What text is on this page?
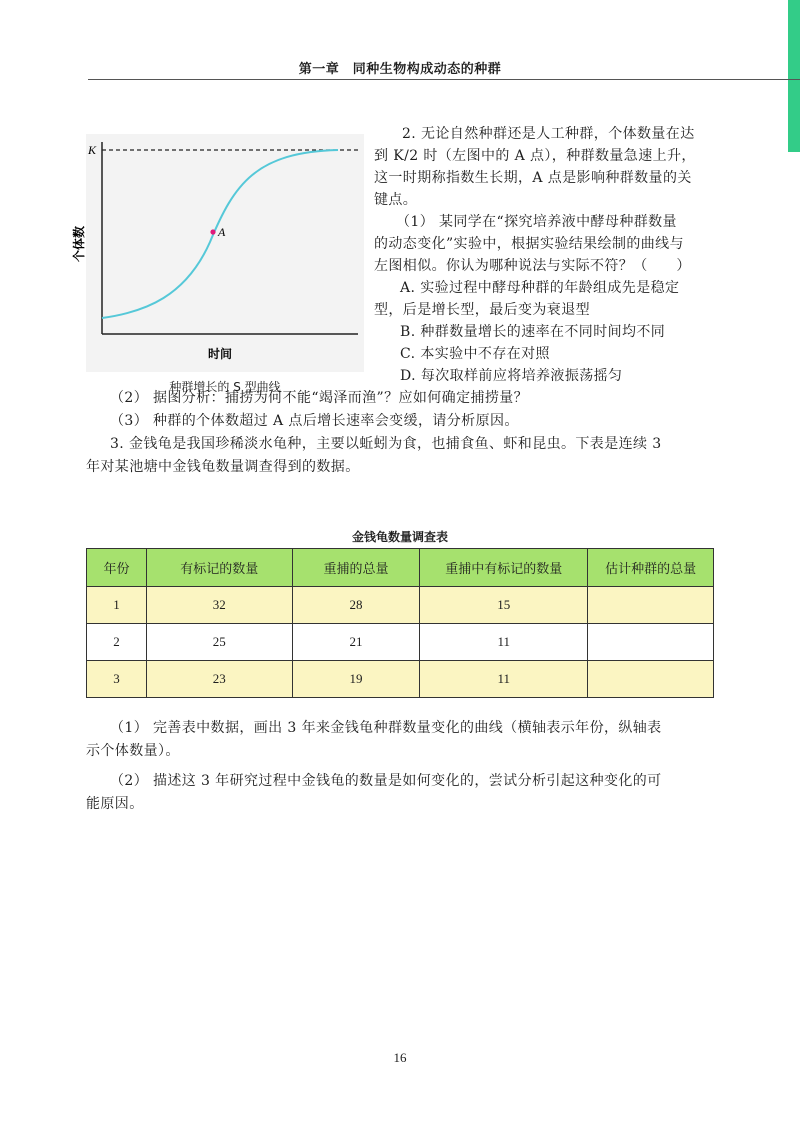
第一章　同种生物构成动态的种群
K
A
时间
个体数
种群增长的 S 型曲线
2. 无论自然种群还是人工种群，个体数量在达
到 K/2 时（左图中的 A 点），种群数量急速上升，
这一时期称指数生长期，A 点是影响种群数量的关
键点。
（1） 某同学在“探究培养液中酵母种群数量
的动态变化”实验中，根据实验结果绘制的曲线与
左图相似。你认为哪种说法与实际不符？（　　）
A. 实验过程中酵母种群的年龄组成先是稳定
型，后是增长型，最后变为衰退型
B. 种群数量增长的速率在不同时间均不同
C. 本实验中不存在对照
D. 每次取样前应将培养液振荡摇匀
（2） 据图分析：捕捞为何不能“竭泽而渔”？应如何确定捕捞量？
（3） 种群的个体数超过 A 点后增长速率会变缓，请分析原因。
3. 金钱龟是我国珍稀淡水龟种，主要以蚯蚓为食，也捕食鱼、虾和昆虫。下表是连续 3
年对某池塘中金钱龟数量调查得到的数据。
金钱龟数量调查表
年份	有标记的数量	重捕的总量	重捕中有标记的数量	估计种群的总量
1	32	28	15	
2	25	21	11	
3	23	19	11	
（1） 完善表中数据，画出 3 年来金钱龟种群数量变化的曲线（横轴表示年份，纵轴表
示个体数量）。
（2） 描述这 3 年研究过程中金钱龟的数量是如何变化的，尝试分析引起这种变化的可
能原因。
16
